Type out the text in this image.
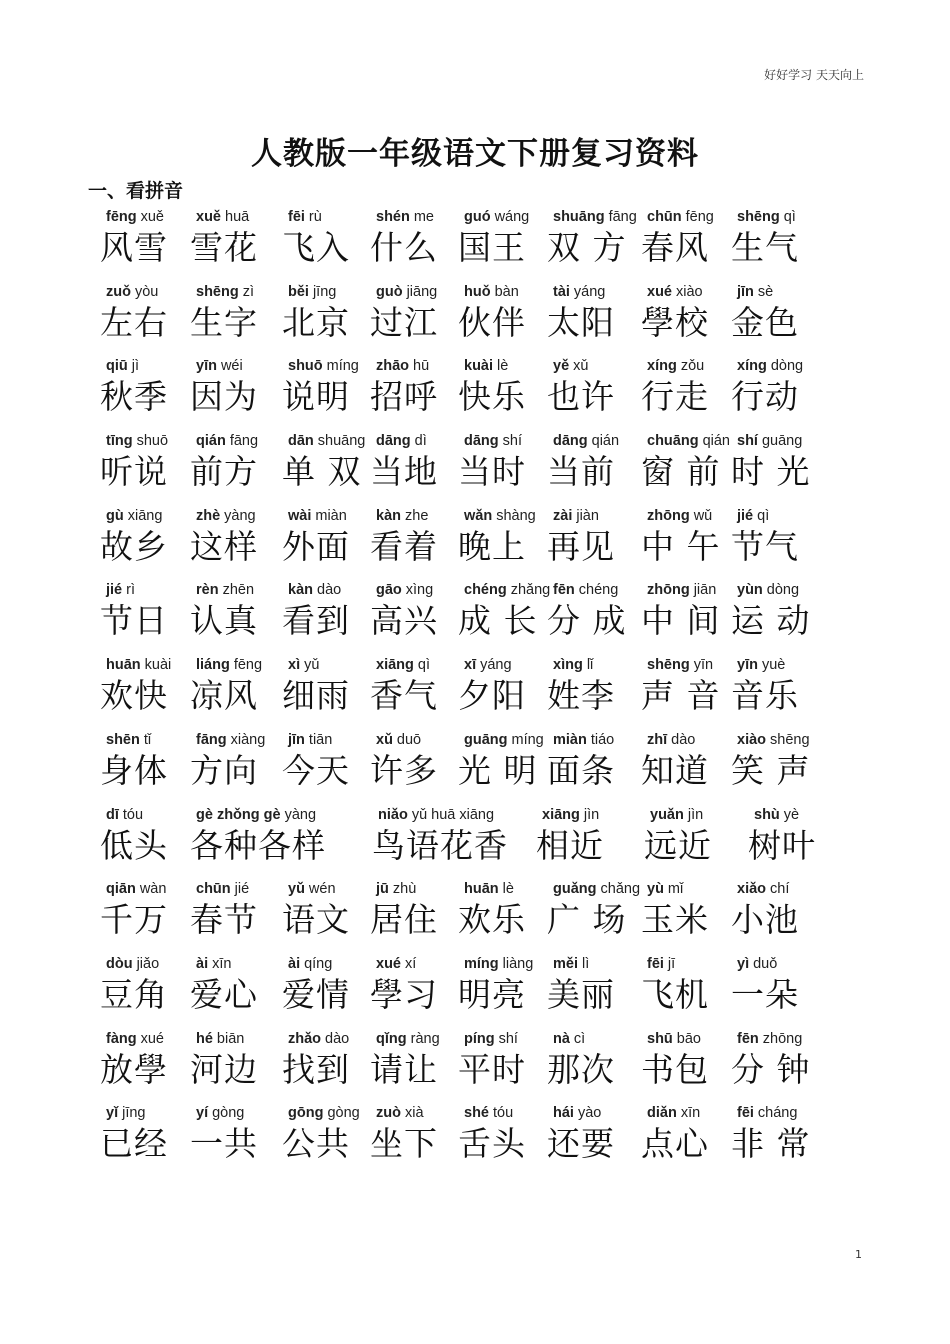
好好学习 天天向上
人教版一年级语文下册复习资料
一、看拼音
fēng xuě
风雪
xuě huā
雪花
fēi rù
飞入
shén me
什么
guó wáng
国王
shuāng fāng
双 方
chūn fēng
春风
shēng qì
生气
zuǒ yòu
左右
shēng zì
生字
běi jīng
北京
guò jiāng
过江
huǒ bàn
伙伴
tài yáng
太阳
xué xiào
學校
jīn sè
金色
qiū jì
秋季
yīn wéi
因为
shuō míng
说明
zhāo hū
招呼
kuài lè
快乐
yě xǔ
也许
xíng zǒu
行走
xíng dòng
行动
tīng shuō
听说
qián fāng
前方
dān shuāng
单 双
dāng dì
当地
dāng shí
当时
dāng qián
当前
chuāng qián
窗 前
shí guāng
时 光
gù xiāng
故乡
zhè yàng
这样
wài miàn
外面
kàn zhe
看着
wǎn shàng
晚上
zài jiàn
再见
zhōng wǔ
中 午
jié qì
节气
jié rì
节日
rèn zhēn
认真
kàn dào
看到
gāo xìng
高兴
chéng zhǎng
成 长
fēn chéng
分 成
zhōng jiān
中 间
yùn dòng
运 动
huān kuài
欢快
liáng fēng
凉风
xì yǔ
细雨
xiāng qì
香气
xī yáng
夕阳
xìng lǐ
姓李
shēng yīn
声 音
yīn yuè
音乐
shēn tǐ
身体
fāng xiàng
方向
jīn tiān
今天
xǔ duō
许多
guāng míng
光 明
miàn tiáo
面条
zhī dào
知道
xiào shēng
笑 声
dī tóu
低头
gè zhǒng gè yàng
各种各样
niǎo yǔ huā xiāng
鸟语花香
xiāng jìn
相近
yuǎn jìn
远近
shù yè
树叶
qiān wàn
千万
chūn jié
春节
yǔ wén
语文
jū zhù
居住
huān lè
欢乐
guǎng chǎng
广 场
yù mǐ
玉米
xiǎo chí
小池
dòu jiǎo
豆角
ài xīn
爱心
ài qíng
爱情
xué xí
學习
míng liàng
明亮
měi lì
美丽
fēi jī
飞机
yì duǒ
一朵
fàng xué
放學
hé biān
河边
zhǎo dào
找到
qǐng ràng
请让
píng shí
平时
nà cì
那次
shū bāo
书包
fēn zhōng
分 钟
yǐ jīng
已经
yí gòng
一共
gōng gòng
公共
zuò xià
坐下
shé tóu
舌头
hái yào
还要
diǎn xīn
点心
fēi cháng
非 常
1
